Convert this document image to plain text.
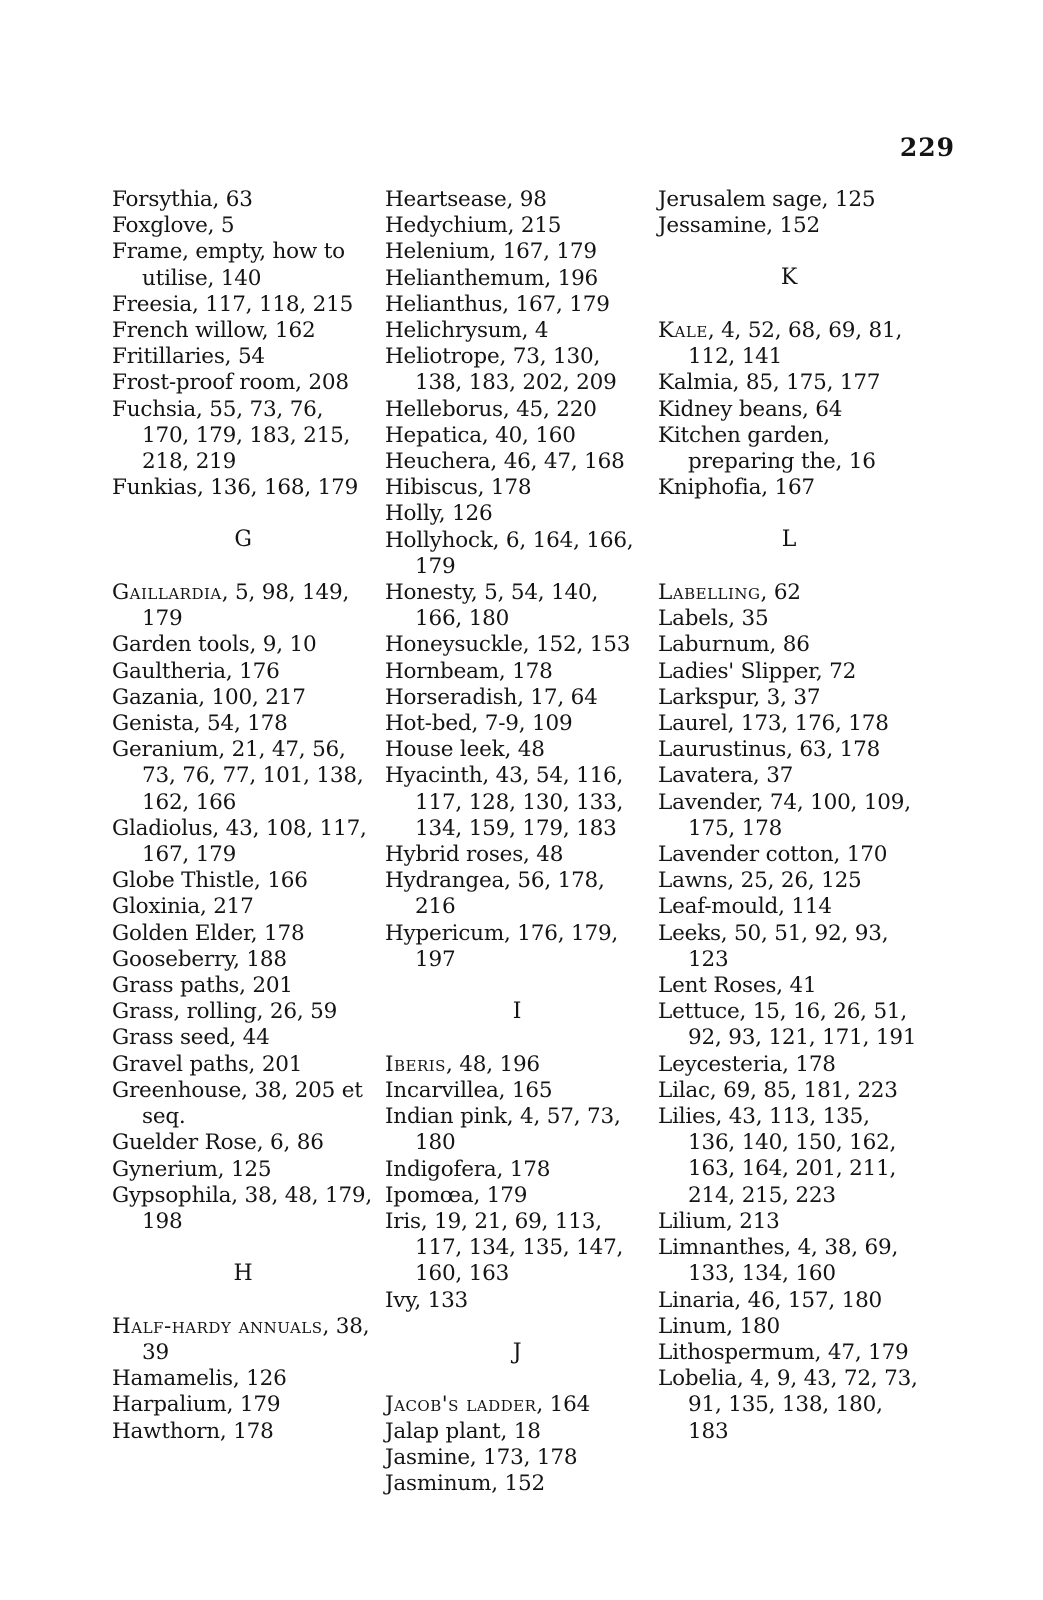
229
Forsythia, 63
Foxglove, 5
Frame, empty, how to utilise, 140
Freesia, 117, 118, 215
French willow, 162
Fritillaries, 54
Frost-proof room, 208
Fuchsia, 55, 73, 76, 170, 179, 183, 215, 218, 219
Funkias, 136, 168, 179
G
Gaillardia, 5, 98, 149, 179
Garden tools, 9, 10
Gaultheria, 176
Gazania, 100, 217
Genista, 54, 178
Geranium, 21, 47, 56, 73, 76, 77, 101, 138, 162, 166
Gladiolus, 43, 108, 117, 167, 179
Globe Thistle, 166
Gloxinia, 217
Golden Elder, 178
Gooseberry, 188
Grass paths, 201
Grass, rolling, 26, 59
Grass seed, 44
Gravel paths, 201
Greenhouse, 38, 205 et seq.
Guelder Rose, 6, 86
Gynerium, 125
Gypsophila, 38, 48, 179, 198
H
Half-hardy annuals, 38, 39
Hamamelis, 126
Harpalium, 179
Hawthorn, 178
Heartsease, 98
Hedychium, 215
Helenium, 167, 179
Helianthemum, 196
Helianthus, 167, 179
Helichrysum, 4
Heliotrope, 73, 130, 138, 183, 202, 209
Helleborus, 45, 220
Hepatica, 40, 160
Heuchera, 46, 47, 168
Hibiscus, 178
Holly, 126
Hollyhock, 6, 164, 166, 179
Honesty, 5, 54, 140, 166, 180
Honeysuckle, 152, 153
Hornbeam, 178
Horseradish, 17, 64
Hot-bed, 7-9, 109
House leek, 48
Hyacinth, 43, 54, 116, 117, 128, 130, 133, 134, 159, 179, 183
Hybrid roses, 48
Hydrangea, 56, 178, 216
Hypericum, 176, 179, 197
I
Iberis, 48, 196
Incarvillea, 165
Indian pink, 4, 57, 73, 180
Indigofera, 178
Ipomœa, 179
Iris, 19, 21, 69, 113, 117, 134, 135, 147, 160, 163
Ivy, 133
J
Jacob's ladder, 164
Jalap plant, 18
Jasmine, 173, 178
Jasminum, 152
Jerusalem sage, 125
Jessamine, 152
K
Kale, 4, 52, 68, 69, 81, 112, 141
Kalmia, 85, 175, 177
Kidney beans, 64
Kitchen garden, preparing the, 16
Kniphofia, 167
L
Labelling, 62
Labels, 35
Laburnum, 86
Ladies' Slipper, 72
Larkspur, 3, 37
Laurel, 173, 176, 178
Laurustinus, 63, 178
Lavatera, 37
Lavender, 74, 100, 109, 175, 178
Lavender cotton, 170
Lawns, 25, 26, 125
Leaf-mould, 114
Leeks, 50, 51, 92, 93, 123
Lent Roses, 41
Lettuce, 15, 16, 26, 51, 92, 93, 121, 171, 191
Leycesteria, 178
Lilac, 69, 85, 181, 223
Lilies, 43, 113, 135, 136, 140, 150, 162, 163, 164, 201, 211, 214, 215, 223
Lilium, 213
Limnanthes, 4, 38, 69, 133, 134, 160
Linaria, 46, 157, 180
Linum, 180
Lithospermum, 47, 179
Lobelia, 4, 9, 43, 72, 73, 91, 135, 138, 180, 183
